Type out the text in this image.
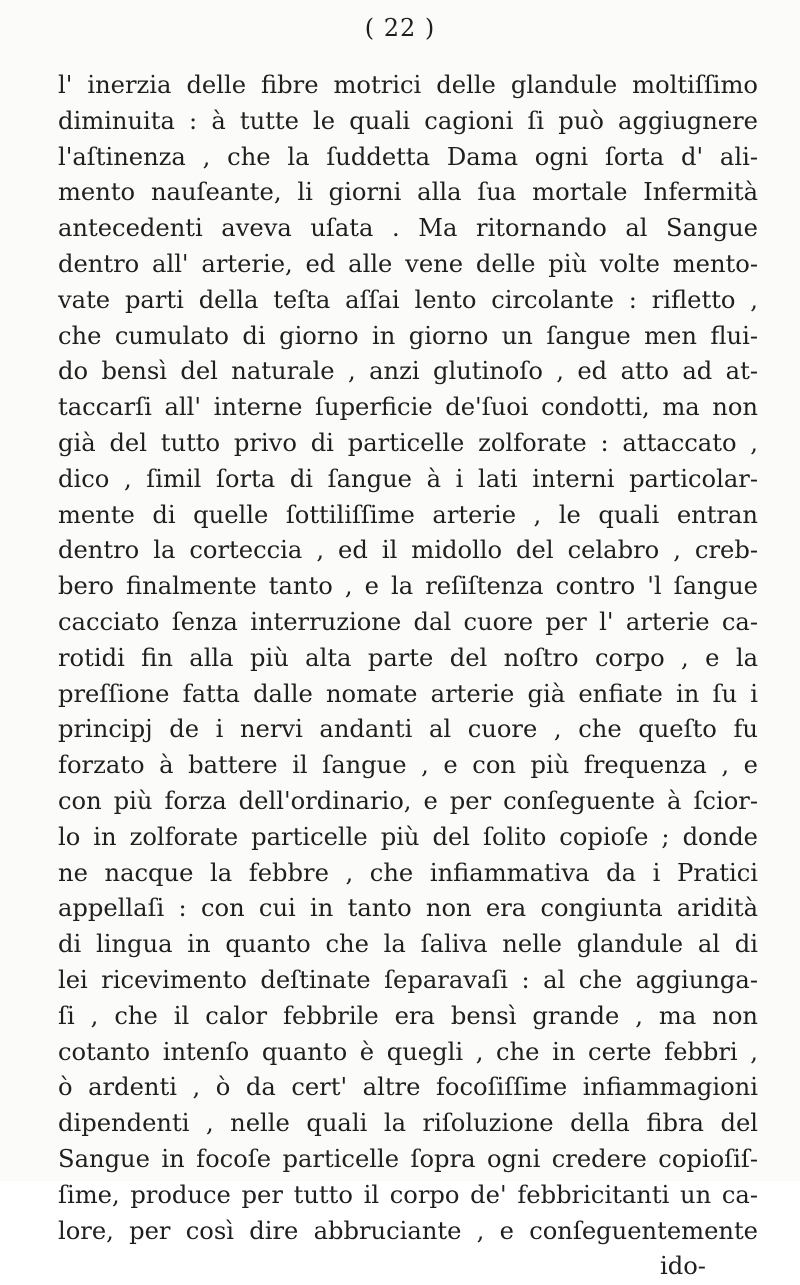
( 22 )
l' inerzia delle fibre motrici delle glandule moltiſſimo
diminuita : à tutte le quali cagioni ſi può aggiugnere
l'aſtinenza , che la ſuddetta Dama ogni ſorta d' ali-
mento nauſeante, li giorni alla ſua mortale Infermità
antecedenti aveva uſata . Ma ritornando al Sangue
dentro all' arterie, ed alle vene delle più volte mento-
vate parti della teſta aſſai lento circolante : rifletto ,
che cumulato di giorno in giorno un ſangue men flui-
do bensì del naturale , anzi glutinoſo , ed atto ad at-
taccarſi all' interne ſuperficie de'ſuoi condotti, ma non
già del tutto privo di particelle zolforate : attaccato ,
dico , ſimil ſorta di ſangue à i lati interni particolar-
mente di quelle ſottiliſſime arterie , le quali entran
dentro la corteccia , ed il midollo del celabro , creb-
bero finalmente tanto , e la reſiſtenza contro 'l ſangue
cacciato ſenza interruzione dal cuore per l' arterie ca-
rotidi fin alla più alta parte del noſtro corpo , e la
preſſione fatta dalle nomate arterie già enfiate in ſu i
principj de i nervi andanti al cuore , che queſto fu
forzato à battere il ſangue , e con più frequenza , e
con più forza dell'ordinario, e per conſeguente à ſcior-
lo in zolforate particelle più del ſolito copioſe ; donde
ne nacque la febbre , che infiammativa da i Pratici
appellaſi : con cui in tanto non era congiunta aridità
di lingua in quanto che la ſaliva nelle glandule al di
lei ricevimento deſtinate ſeparavaſi : al che aggiunga-
ſi , che il calor febbrile era bensì grande , ma non
cotanto intenſo quanto è quegli , che in certe febbri ,
ò ardenti , ò da cert' altre focoſiſſime infiammagioni
dipendenti , nelle quali la riſoluzione della fibra del
Sangue in focoſe particelle ſopra ogni credere copioſiſ-
ſime, produce per tutto il corpo de' febbricitanti un ca-
lore, per così dire abbruciante , e conſeguentemente
ido-
